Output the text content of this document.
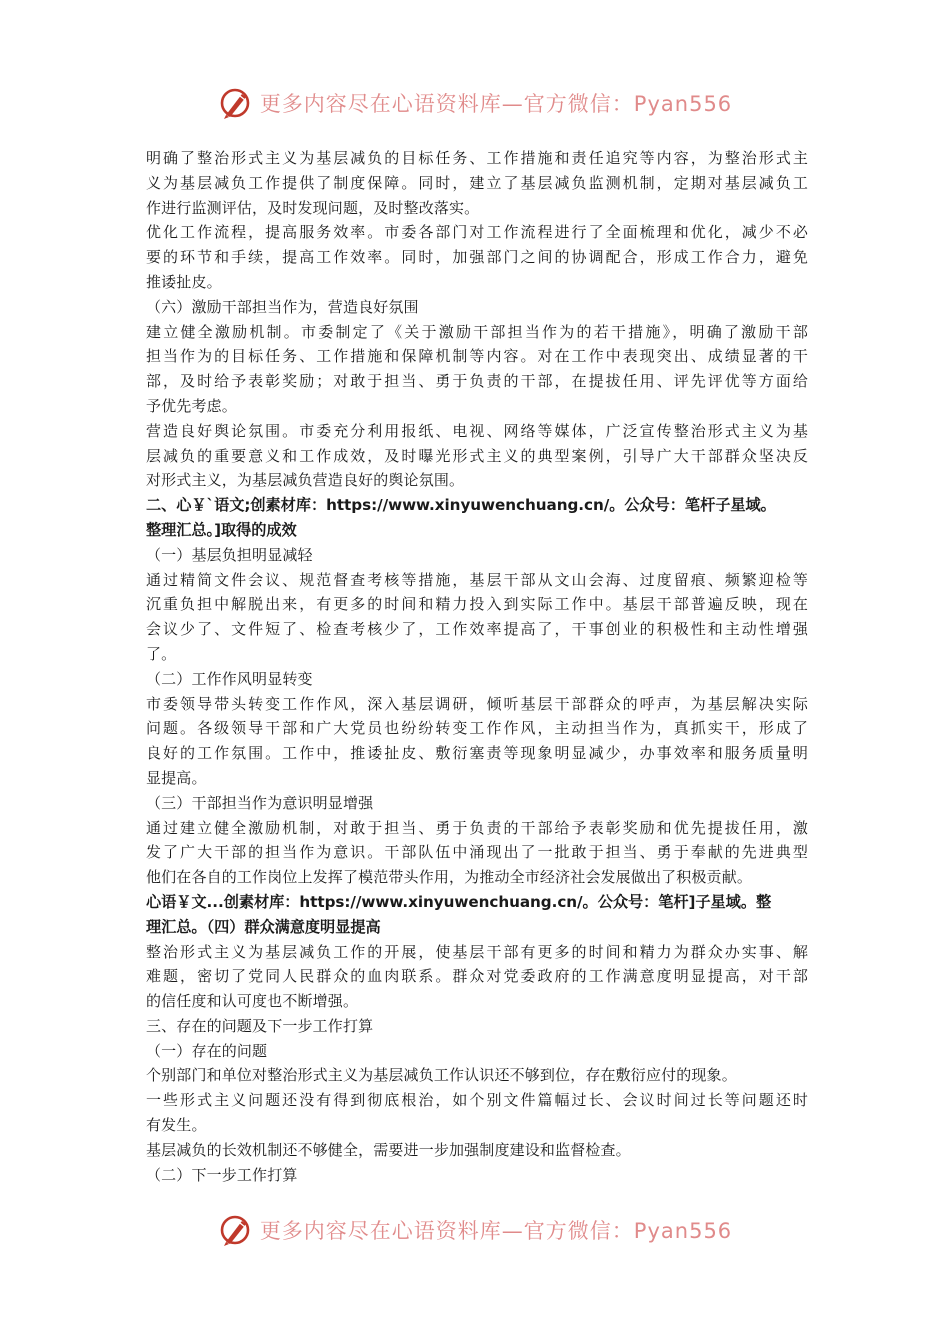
更多内容尽在心语资料库—官方微信：Pyan556

明确了整治形式主义为基层减负的目标任务、工作措施和责任追究等内容，为整治形式主

义为基层减负工作提供了制度保障。同时，建立了基层减负监测机制，定期对基层减负工

作进行监测评估，及时发现问题，及时整改落实。

优化工作流程，提高服务效率。市委各部门对工作流程进行了全面梳理和优化，减少不必

要的环节和手续，提高工作效率。同时，加强部门之间的协调配合，形成工作合力，避免

推诿扯皮。

（六）激励干部担当作为，营造良好氛围

建立健全激励机制。市委制定了《关于激励干部担当作为的若干措施》，明确了激励干部

担当作为的目标任务、工作措施和保障机制等内容。对在工作中表现突出、成绩显著的干

部，及时给予表彰奖励；对敢于担当、勇于负责的干部，在提拔任用、评先评优等方面给

予优先考虑。

营造良好舆论氛围。市委充分利用报纸、电视、网络等媒体，广泛宣传整治形式主义为基

层减负的重要意义和工作成效，及时曝光形式主义的典型案例，引导广大干部群众坚决反

对形式主义，为基层减负营造良好的舆论氛围。

二、心￥`语文;创素材库：https://www.xinyuwenchuang.cn/。公众号：笔杆子星域。

整理汇总。]取得的成效

（一）基层负担明显减轻

通过精简文件会议、规范督查考核等措施，基层干部从文山会海、过度留痕、频繁迎检等

沉重负担中解脱出来，有更多的时间和精力投入到实际工作中。基层干部普遍反映，现在

会议少了、文件短了、检查考核少了，工作效率提高了，干事创业的积极性和主动性增强

了。

（二）工作作风明显转变

市委领导带头转变工作作风，深入基层调研，倾听基层干部群众的呼声，为基层解决实际

问题。各级领导干部和广大党员也纷纷转变工作作风，主动担当作为，真抓实干，形成了

良好的工作氛围。工作中，推诿扯皮、敷衍塞责等现象明显减少，办事效率和服务质量明

显提高。

（三）干部担当作为意识明显增强

通过建立健全激励机制，对敢于担当、勇于负责的干部给予表彰奖励和优先提拔任用，激

发了广大干部的担当作为意识。干部队伍中涌现出了一批敢于担当、勇于奉献的先进典型

他们在各自的工作岗位上发挥了模范带头作用，为推动全市经济社会发展做出了积极贡献。

心语￥文...创素材库：https://www.xinyuwenchuang.cn/。公众号：笔杆]子星域。整

理汇总。（四）群众满意度明显提高

整治形式主义为基层减负工作的开展，使基层干部有更多的时间和精力为群众办实事、解

难题，密切了党同人民群众的血肉联系。群众对党委政府的工作满意度明显提高，对干部

的信任度和认可度也不断增强。

三、存在的问题及下一步工作打算

（一）存在的问题

个别部门和单位对整治形式主义为基层减负工作认识还不够到位，存在敷衍应付的现象。

一些形式主义问题还没有得到彻底根治，如个别文件篇幅过长、会议时间过长等问题还时

有发生。

基层减负的长效机制还不够健全，需要进一步加强制度建设和监督检查。

（二）下一步工作打算

更多内容尽在心语资料库—官方微信：Pyan556
